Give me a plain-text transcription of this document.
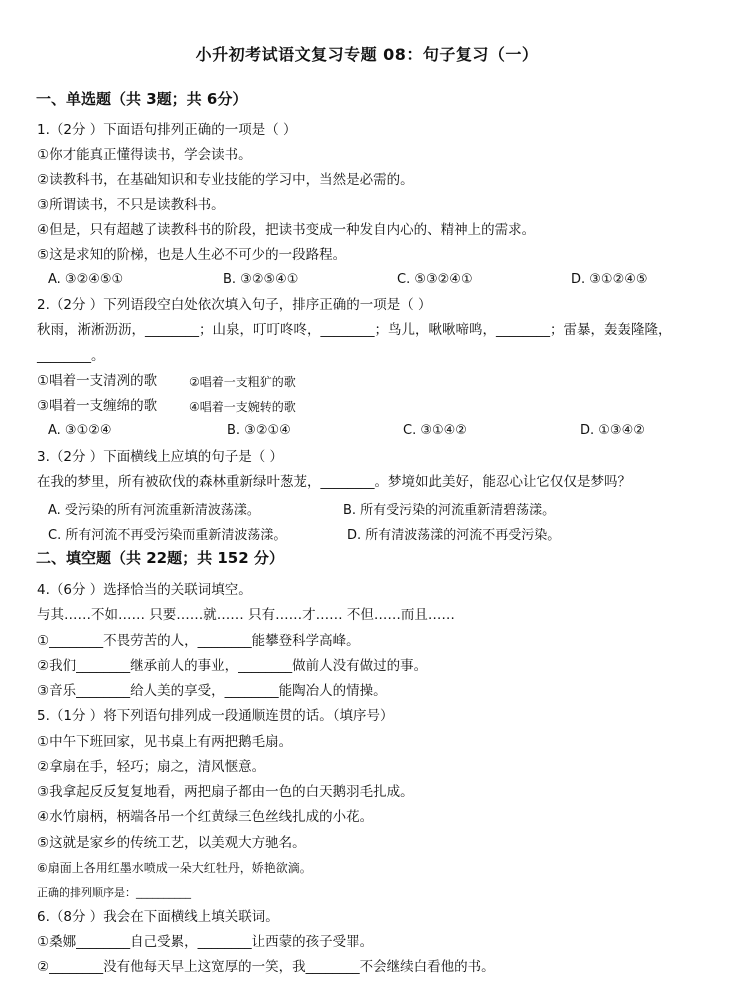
小升初考试语文复习专题 08：句子复习（一）
一、单选题（共 3题；共 6分）
1.（2分 ）下面语句排列正确的一项是（ ）
①你才能真正懂得读书，学会读书。
②读教科书，在基础知识和专业技能的学习中，当然是必需的。
③所谓读书，不只是读教科书。
④但是，只有超越了读教科书的阶段，把读书变成一种发自内心的、精神上的需求。
⑤这是求知的阶梯，也是人生必不可少的一段路程。
A. ③②④⑤①	B. ③②⑤④①	C. ⑤③②④①	D. ③①②④⑤
2.（2分 ）下列语段空白处依次填入句子，排序正确的一项是（ ）
秋雨，淅淅沥沥，________；山泉，叮叮咚咚，________；鸟儿，啾啾啼鸣，________；雷暴，轰轰隆隆，
________。
①唱着一支清冽的歌	②唱着一支粗犷的歌
③唱着一支缠绵的歌	④唱着一支婉转的歌
A. ③①②④	B. ③②①④	C. ③①④②	D. ①③④②
3.（2分 ）下面横线上应填的句子是（ ）
在我的梦里，所有被砍伐的森林重新绿叶葱茏，________。梦境如此美好，能忍心让它仅仅是梦吗？
A. 受污染的所有河流重新清波荡漾。	B. 所有受污染的河流重新清碧荡漾。
C. 所有河流不再受污染而重新清波荡漾。	D. 所有清波荡漾的河流不再受污染。
二、填空题（共 22题；共 152 分）
4.（6分 ）选择恰当的关联词填空。
与其……不如…… 只要……就…… 只有……才…… 不但……而且……
①________不畏劳苦的人，________能攀登科学高峰。
②我们________继承前人的事业，________做前人没有做过的事。
③音乐________给人美的享受，________能陶冶人的情操。
5.（1分 ）将下列语句排列成一段通顺连贯的话。（填序号）
①中午下班回家，见书桌上有两把鹅毛扇。
②拿扇在手，轻巧；扇之，清风惬意。
③我拿起反反复复地看，两把扇子都由一色的白天鹅羽毛扎成。
④水竹扇柄，柄端各吊一个红黄绿三色丝线扎成的小花。
⑤这就是家乡的传统工艺，以美观大方驰名。
⑥扇面上各用红墨水喷成一朵大红牡丹，娇艳欲滴。
正确的排列顺序是：__________
6.（8分 ）我会在下面横线上填关联词。
①桑娜________自己受累，________让西蒙的孩子受罪。
②________没有他每天早上这宽厚的一笑，我________不会继续白看他的书。
